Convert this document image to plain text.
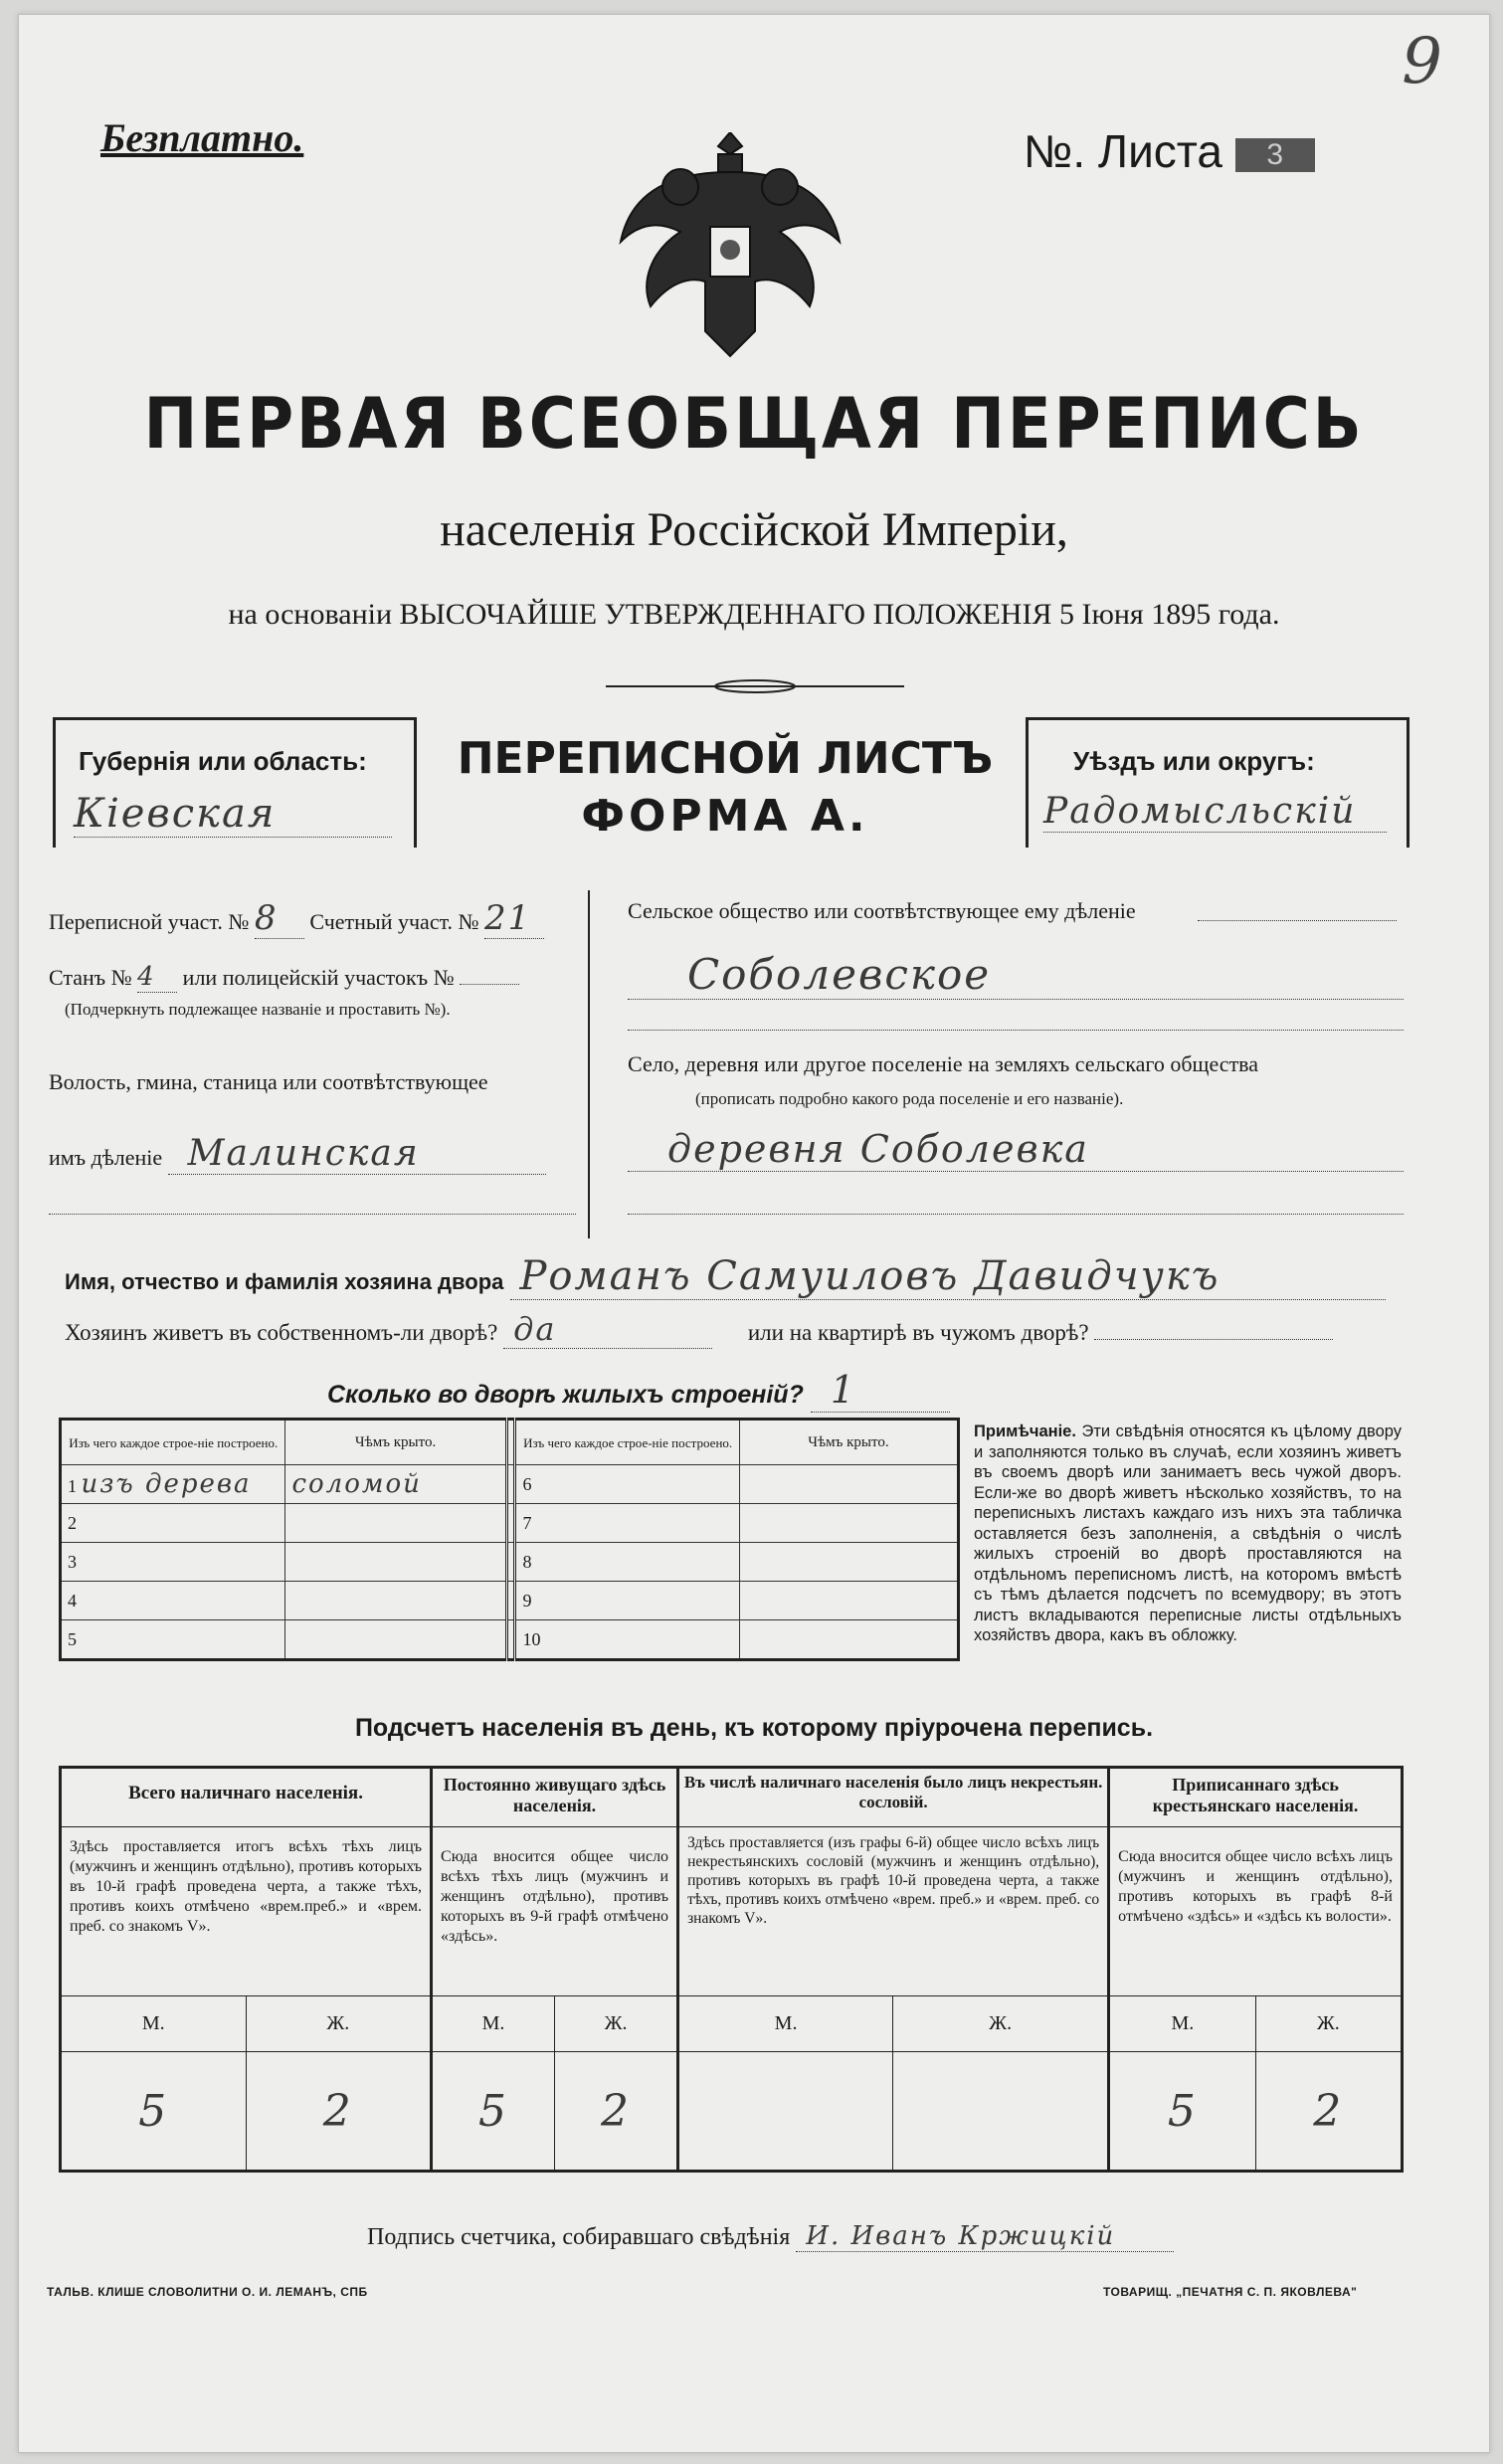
9
Безплатно.	№. Листа 3
ПЕРВАЯ ВСЕОБЩАЯ ПЕРЕПИСЬ
населенія Россійской Имперіи,
на основаніи ВЫСОЧАЙШЕ УТВЕРЖДЕННАГО ПОЛОЖЕНІЯ 5 Іюня 1895 года.
Губернія или область:
Кіевская
ПЕРЕПИСНОЙ ЛИСТЪ
ФОРМА А.
Уѣздъ или округъ:
Радомысльскій
Переписной участ. № 8 Счетный участ. № 21
Станъ № 4 или полицейскій участокъ №
(Подчеркнуть подлежащее названіе и проставить №).
Волость, гмина, станица или соотвѣтствующее
имъ дѣленіе Малинская
Сельское общество или соотвѣтствующее ему дѣленіе
Соболевское
Село, деревня или другое поселеніе на земляхъ сельскаго общества
(прописать подробно какого рода поселеніе и его названіе).
деревня Соболевка
Имя, отчество и фамилія хозяина двора Романъ Самуиловъ Давидчукъ
Хозяинъ живетъ въ собственномъ-ли дворѣ? да	или на квартирѣ въ чужомъ дворѣ?
Сколько во дворѣ жилыхъ строеній? 1
Изъ чего каждое строе-ніе построено.	Чѣмъ крыто.		Изъ чего каждое строе-ніе построено.	Чѣмъ крыто.
1 изъ дерева	соломой		6	
2			7	
3			8	
4			9	
5			10	
Примѣчаніе. Эти свѣдѣнія относятся къ цѣлому двору и заполняются только въ случаѣ, если хозяинъ живетъ въ своемъ дворѣ или занимаетъ весь чужой дворъ. Если-же во дворѣ живетъ нѣсколько хозяйствъ, то на переписныхъ листахъ каждаго изъ нихъ эта табличка оставляется безъ заполненія, а свѣдѣнія о числѣ жилыхъ строеній во дворѣ проставляются на отдѣльномъ переписномъ листѣ, на которомъ вмѣстѣ съ тѣмъ дѣлается подсчетъ по всемудвору; въ этотъ листъ вкладываются переписные листы отдѣльныхъ хозяйствъ двора, какъ въ обложку.
Подсчетъ населенія въ день, къ которому пріурочена перепись.
Всего наличнаго населенія.		Постоянно живущаго здѣсь населенія.		Въ числѣ наличнаго населенія было лицъ некрестьян. сословій.		Приписаннаго здѣсь крестьянскаго населенія.	
Здѣсь проставляется итогъ всѣхъ тѣхъ лицъ (мужчинъ и женщинъ отдѣльно), противъ которыхъ въ 10-й графѣ проведена черта, а также тѣхъ, противъ коихъ отмѣчено «врем.преб.» и «врем. преб. со знакомъ V».		Сюда вносится общее число всѣхъ тѣхъ лицъ (мужчинъ и женщинъ отдѣльно), противъ которыхъ въ 9-й графѣ отмѣчено «здѣсь».		Здѣсь проставляется (изъ графы 6-й) общее число всѣхъ лицъ некрестьянскихъ сословій (мужчинъ и женщинъ отдѣльно), противъ которыхъ въ графѣ 10-й проведена черта, а также тѣхъ, противъ коихъ отмѣчено «врем. преб.» и «врем. преб. со знакомъ V».		Сюда вносится общее число всѣхъ лицъ (мужчинъ и женщинъ отдѣльно), противъ которыхъ въ графѣ 8-й отмѣчено «здѣсь» и «здѣсь къ волости».	
М.	Ж.	М.	Ж.	М.	Ж.	М.	Ж.
5	2	5	2			5	2
Подпись счетчика, собиравшаго свѣдѣнія И. Иванъ Кржицкій
ТАЛЬВ. КЛИШЕ СЛОВОЛИТНИ О. И. ЛЕМАНЪ, СПБ	ТОВАРИЩ. „ПЕЧАТНЯ С. П. ЯКОВЛЕВА"
